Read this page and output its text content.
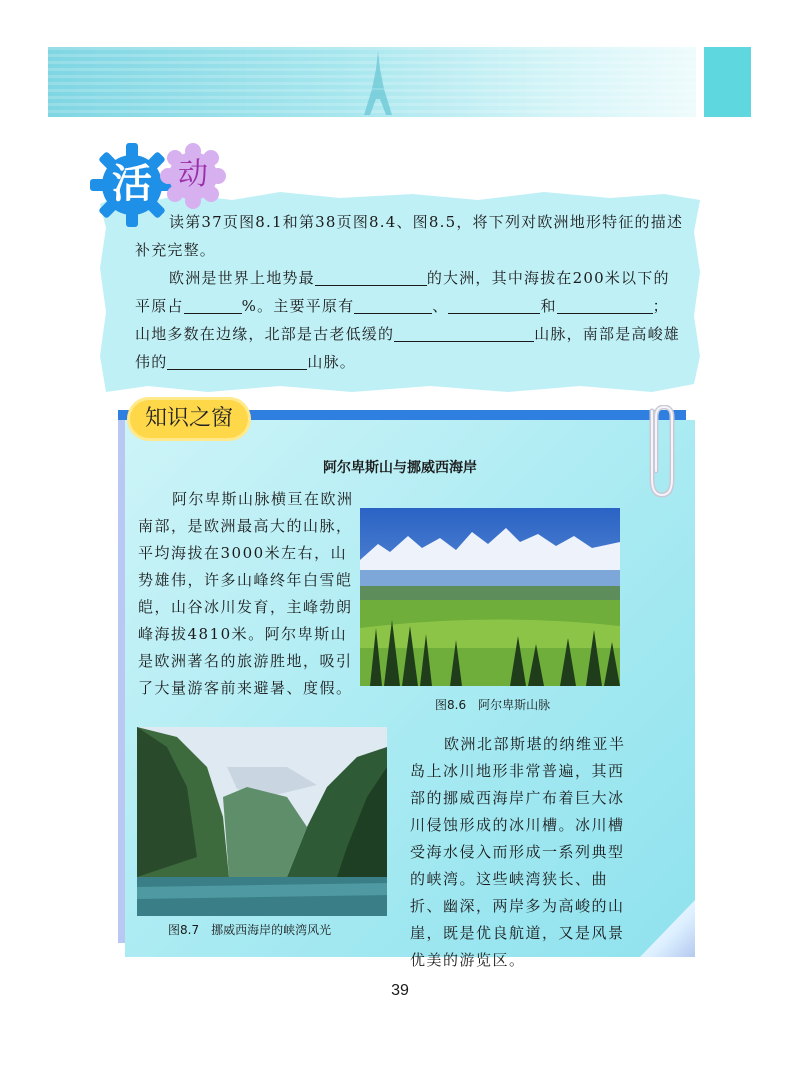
活 动

读第37页图8.1和第38页图8.4、图8.5，将下列对欧洲地形特征的描述补充完整。

欧洲是世界上地势最	的大洲，其中海拔在200米以下的平原占	%。主要平原有	、	和	；山地多数在边缘，北部是古老低缓的	山脉，南部是高峻雄伟的	山脉。

知识之窗
阿尔卑斯山与挪威西海岸

阿尔卑斯山脉横亘在欧洲南部，是欧洲最高大的山脉，平均海拔在3000米左右，山势雄伟，许多山峰终年白雪皑皑，山谷冰川发育，主峰勃朗峰海拔4810米。阿尔卑斯山是欧洲著名的旅游胜地，吸引了大量游客前来避暑、度假。

图8.6　阿尔卑斯山脉
图8.7　挪威西海岸的峡湾风光

欧洲北部斯堪的纳维亚半岛上冰川地形非常普遍，其西部的挪威西海岸广布着巨大冰川侵蚀形成的冰川槽。冰川槽受海水侵入而形成一系列典型的峡湾。这些峡湾狭长、曲折、幽深，两岸多为高峻的山崖，既是优良航道，又是风景优美的游览区。

39
